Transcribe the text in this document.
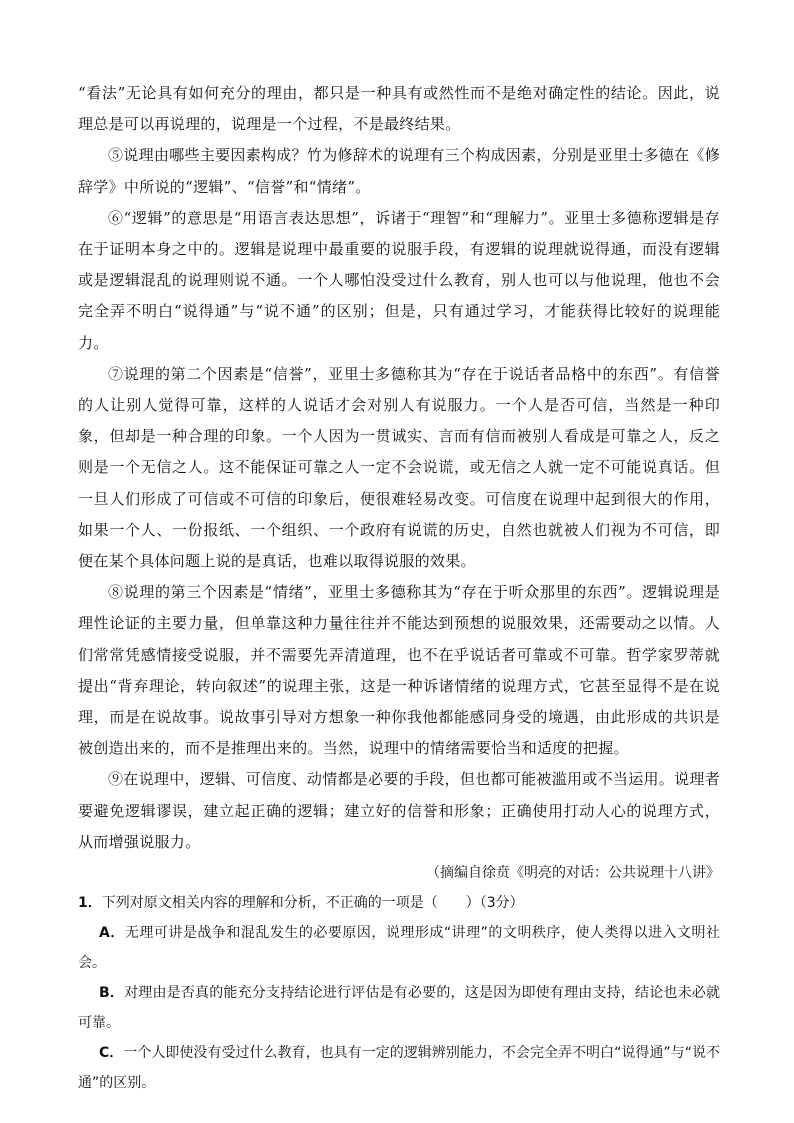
“看法”无论具有如何充分的理由，都只是一种具有或然性而不是绝对确定性的结论。因此，说理总是可以再说理的，说理是一个过程，不是最终结果。

⑤说理由哪些主要因素构成？竹为修辞术的说理有三个构成因素，分别是亚里士多德在《修辞学》中所说的“逻辑”、“信誉”和“情绪”。

⑥“逻辑”的意思是“用语言表达思想”，诉诸于“理智”和“理解力”。亚里士多德称逻辑是存在于证明本身之中的。逻辑是说理中最重要的说服手段，有逻辑的说理就说得通，而没有逻辑或是逻辑混乱的说理则说不通。一个人哪怕没受过什么教育，别人也可以与他说理，他也不会完全弄不明白“说得通”与“说不通”的区别；但是，只有通过学习，才能获得比较好的说理能力。

⑦说理的第二个因素是“信誉”，亚里士多德称其为“存在于说话者品格中的东西”。有信誉的人让别人觉得可靠，这样的人说话才会对别人有说服力。一个人是否可信，当然是一种印象，但却是一种合理的印象。一个人因为一贯诚实、言而有信而被别人看成是可靠之人，反之则是一个无信之人。这不能保证可靠之人一定不会说谎，或无信之人就一定不可能说真话。但一旦人们形成了可信或不可信的印象后，便很难轻易改变。可信度在说理中起到很大的作用，如果一个人、一份报纸、一个组织、一个政府有说谎的历史，自然也就被人们视为不可信，即便在某个具体问题上说的是真话，也难以取得说服的效果。

⑧说理的第三个因素是“情绪”，亚里士多德称其为“存在于听众那里的东西”。逻辑说理是理性论证的主要力量，但单靠这种力量往往并不能达到预想的说服效果，还需要动之以情。人们常常凭感情接受说服，并不需要先弄清道理，也不在乎说话者可靠或不可靠。哲学家罗蒂就提出“背弃理论，转向叙述”的说理主张，这是一种诉诸情绪的说理方式，它甚至显得不是在说理，而是在说故事。说故事引导对方想象一种你我他都能感同身受的境遇，由此形成的共识是被创造出来的，而不是推理出来的。当然，说理中的情绪需要恰当和适度的把握。

⑨在说理中，逻辑、可信度、动情都是必要的手段，但也都可能被滥用或不当运用。说理者要避免逻辑谬误，建立起正确的逻辑；建立好的信誉和形象；正确使用打动人心的说理方式，从而增强说服力。

（摘编自徐贲《明亮的对话：公共说理十八讲》

1．下列对原文相关内容的理解和分析，不正确的一项是（　　）（3分）

A．无理可讲是战争和混乱发生的必要原因，说理形成“讲理”的文明秩序，使人类得以进入文明社会。

B．对理由是否真的能充分支持结论进行评估是有必要的，这是因为即使有理由支持，结论也未必就可靠。

C．一个人即使没有受过什么教育，也具有一定的逻辑辨别能力，不会完全弄不明白“说得通”与“说不通”的区别。
